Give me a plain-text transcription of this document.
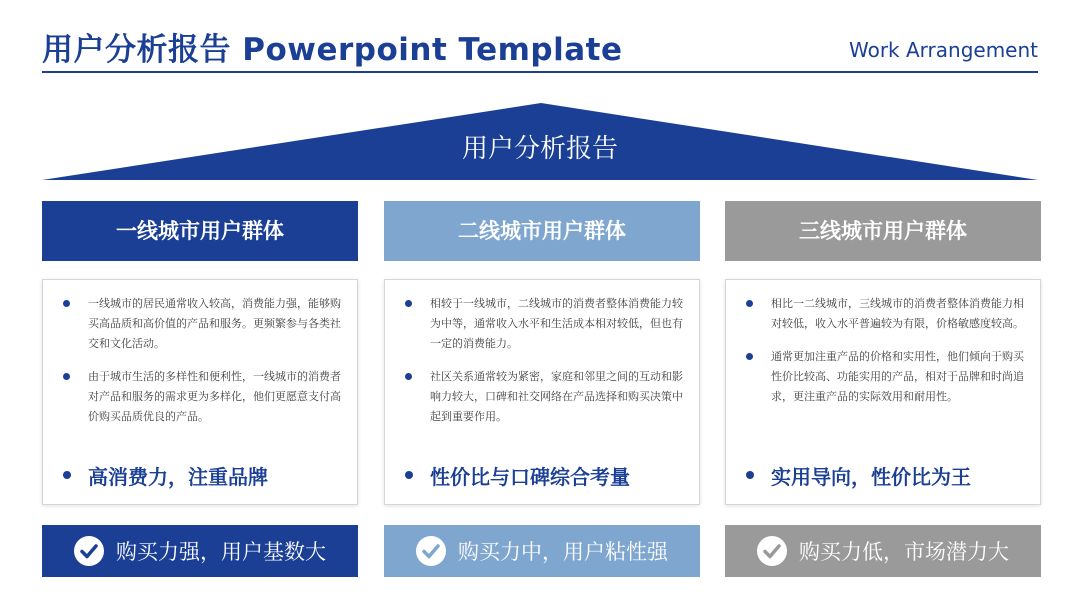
用户分析报告 Powerpoint Template	Work Arrangement
用户分析报告
一线城市用户群体
一线城市的居民通常收入较高，消费能力强，能够购买高品质和高价值的产品和服务。更频繁参与各类社交和文化活动。
由于城市生活的多样性和便利性，一线城市的消费者对产品和服务的需求更为多样化，他们更愿意支付高价购买品质优良的产品。
高消费力，注重品牌
购买力强，用户基数大
二线城市用户群体
相较于一线城市，二线城市的消费者整体消费能力较为中等，通常收入水平和生活成本相对较低，但也有一定的消费能力。
社区关系通常较为紧密，家庭和邻里之间的互动和影响力较大，口碑和社交网络在产品选择和购买决策中起到重要作用。
性价比与口碑综合考量
购买力中，用户粘性强
三线城市用户群体
相比一二线城市，三线城市的消费者整体消费能力相对较低，收入水平普遍较为有限，价格敏感度较高。
通常更加注重产品的价格和实用性，他们倾向于购买性价比较高、功能实用的产品，相对于品牌和时尚追求，更注重产品的实际效用和耐用性。
实用导向，性价比为王
购买力低，市场潜力大
